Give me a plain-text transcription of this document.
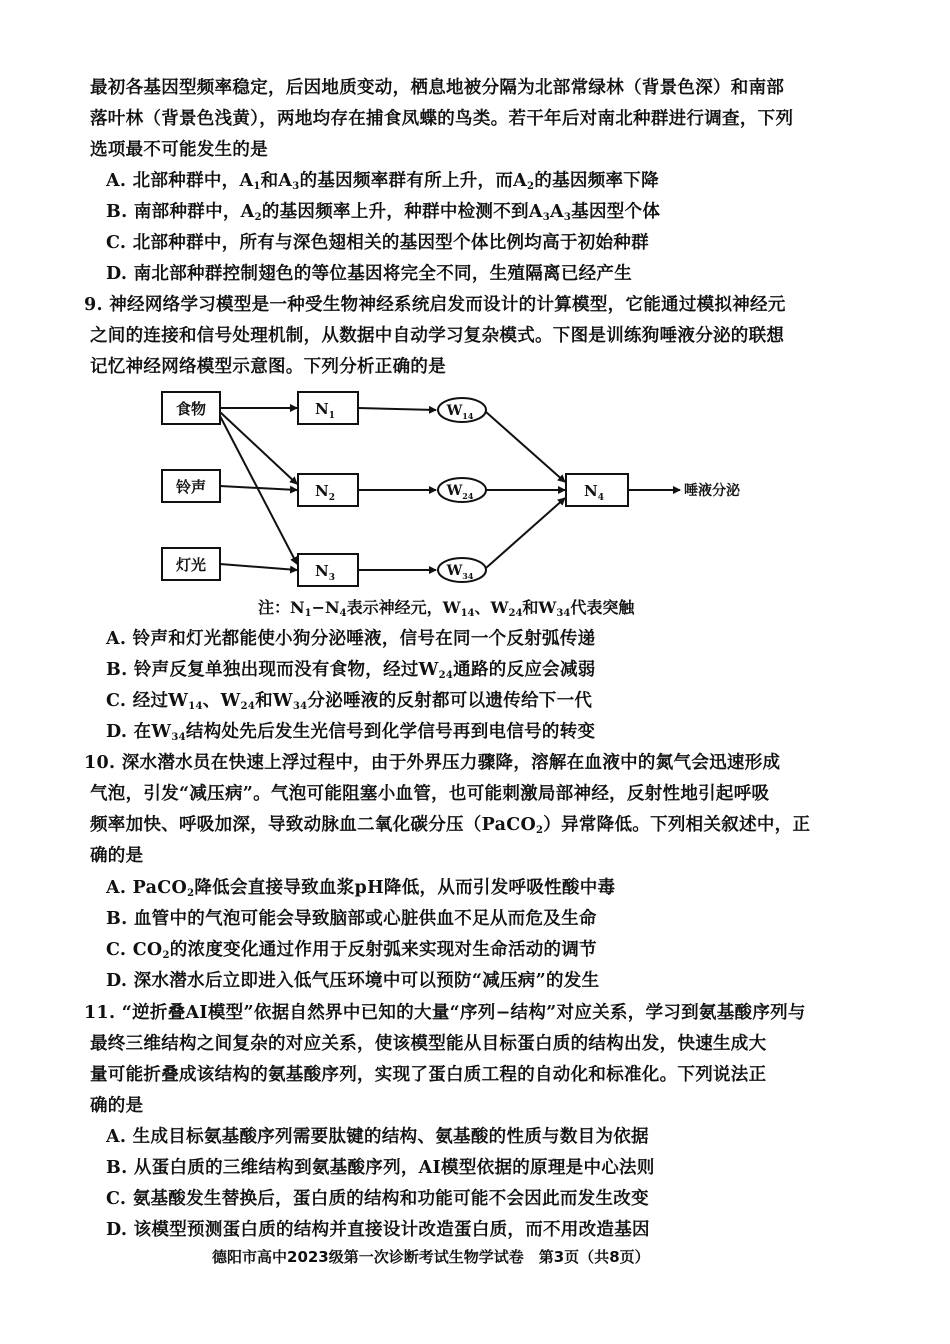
最初各基因型频率稳定，后因地质变动，栖息地被分隔为北部常绿林（背景色深）和南部
落叶林（背景色浅黄），两地均存在捕食凤蝶的鸟类。若干年后对南北种群进行调查，下列
选项最不可能发生的是
A. 北部种群中，$A_1$和$A_3$的基因频率群有所上升，而$A_2$的基因频率下降
B. 南部种群中，$A_2$的基因频率上升，种群中检测不到$A_3A_3$基因型个体
C. 北部种群中，所有与深色翅相关的基因型个体比例均高于初始种群
D. 南北部种群控制翅色的等位基因将完全不同，生殖隔离已经产生
9. 神经网络学习模型是一种受生物神经系统启发而设计的计算模型，它能通过模拟神经元
之间的连接和信号处理机制，从数据中自动学习复杂模式。下图是训练狗唾液分泌的联想
记忆神经网络模型示意图。下列分析正确的是
食物
铃声
灯光
$N_1$
$N_2$
$N_3$
$N_4$
$W_{14}$
$W_{24}$
$W_{34}$
唾液分泌
注：$N_1-N_4$表示神经元，$W_{14}$、$W_{24}$和$W_{34}$代表突触
A. 铃声和灯光都能使小狗分泌唾液，信号在同一个反射弧传递
B. 铃声反复单独出现而没有食物，经过$W_{24}$通路的反应会减弱
C. 经过$W_{14}$、$W_{24}$和$W_{34}$分泌唾液的反射都可以遗传给下一代
D. 在$W_{34}$结构处先后发生光信号到化学信号再到电信号的转变
10. 深水潜水员在快速上浮过程中，由于外界压力骤降，溶解在血液中的氮气会迅速形成
气泡，引发“减压病”。气泡可能阻塞小血管，也可能刺激局部神经，反射性地引起呼吸
频率加快、呼吸加深，导致动脉血二氧化碳分压（PaCO$_2$）异常降低。下列相关叙述中，正
确的是
A. PaCO$_2$降低会直接导致血浆pH降低，从而引发呼吸性酸中毒
B. 血管中的气泡可能会导致脑部或心脏供血不足从而危及生命
C. $CO_2$的浓度变化通过作用于反射弧来实现对生命活动的调节
D. 深水潜水后立即进入低气压环境中可以预防“减压病”的发生
11. “逆折叠AI模型”依据自然界中已知的大量“序列−结构”对应关系，学习到氨基酸序列与
最终三维结构之间复杂的对应关系，使该模型能从目标蛋白质的结构出发，快速生成大
量可能折叠成该结构的氨基酸序列，实现了蛋白质工程的自动化和标准化。下列说法正
确的是
A. 生成目标氨基酸序列需要肽键的结构、氨基酸的性质与数目为依据
B. 从蛋白质的三维结构到氨基酸序列，AI模型依据的原理是中心法则
C. 氨基酸发生替换后，蛋白质的结构和功能可能不会因此而发生改变
D. 该模型预测蛋白质的结构并直接设计改造蛋白质，而不用改造基因
德阳市高中2023级第一次诊断考试生物学试卷　第3页（共8页）
